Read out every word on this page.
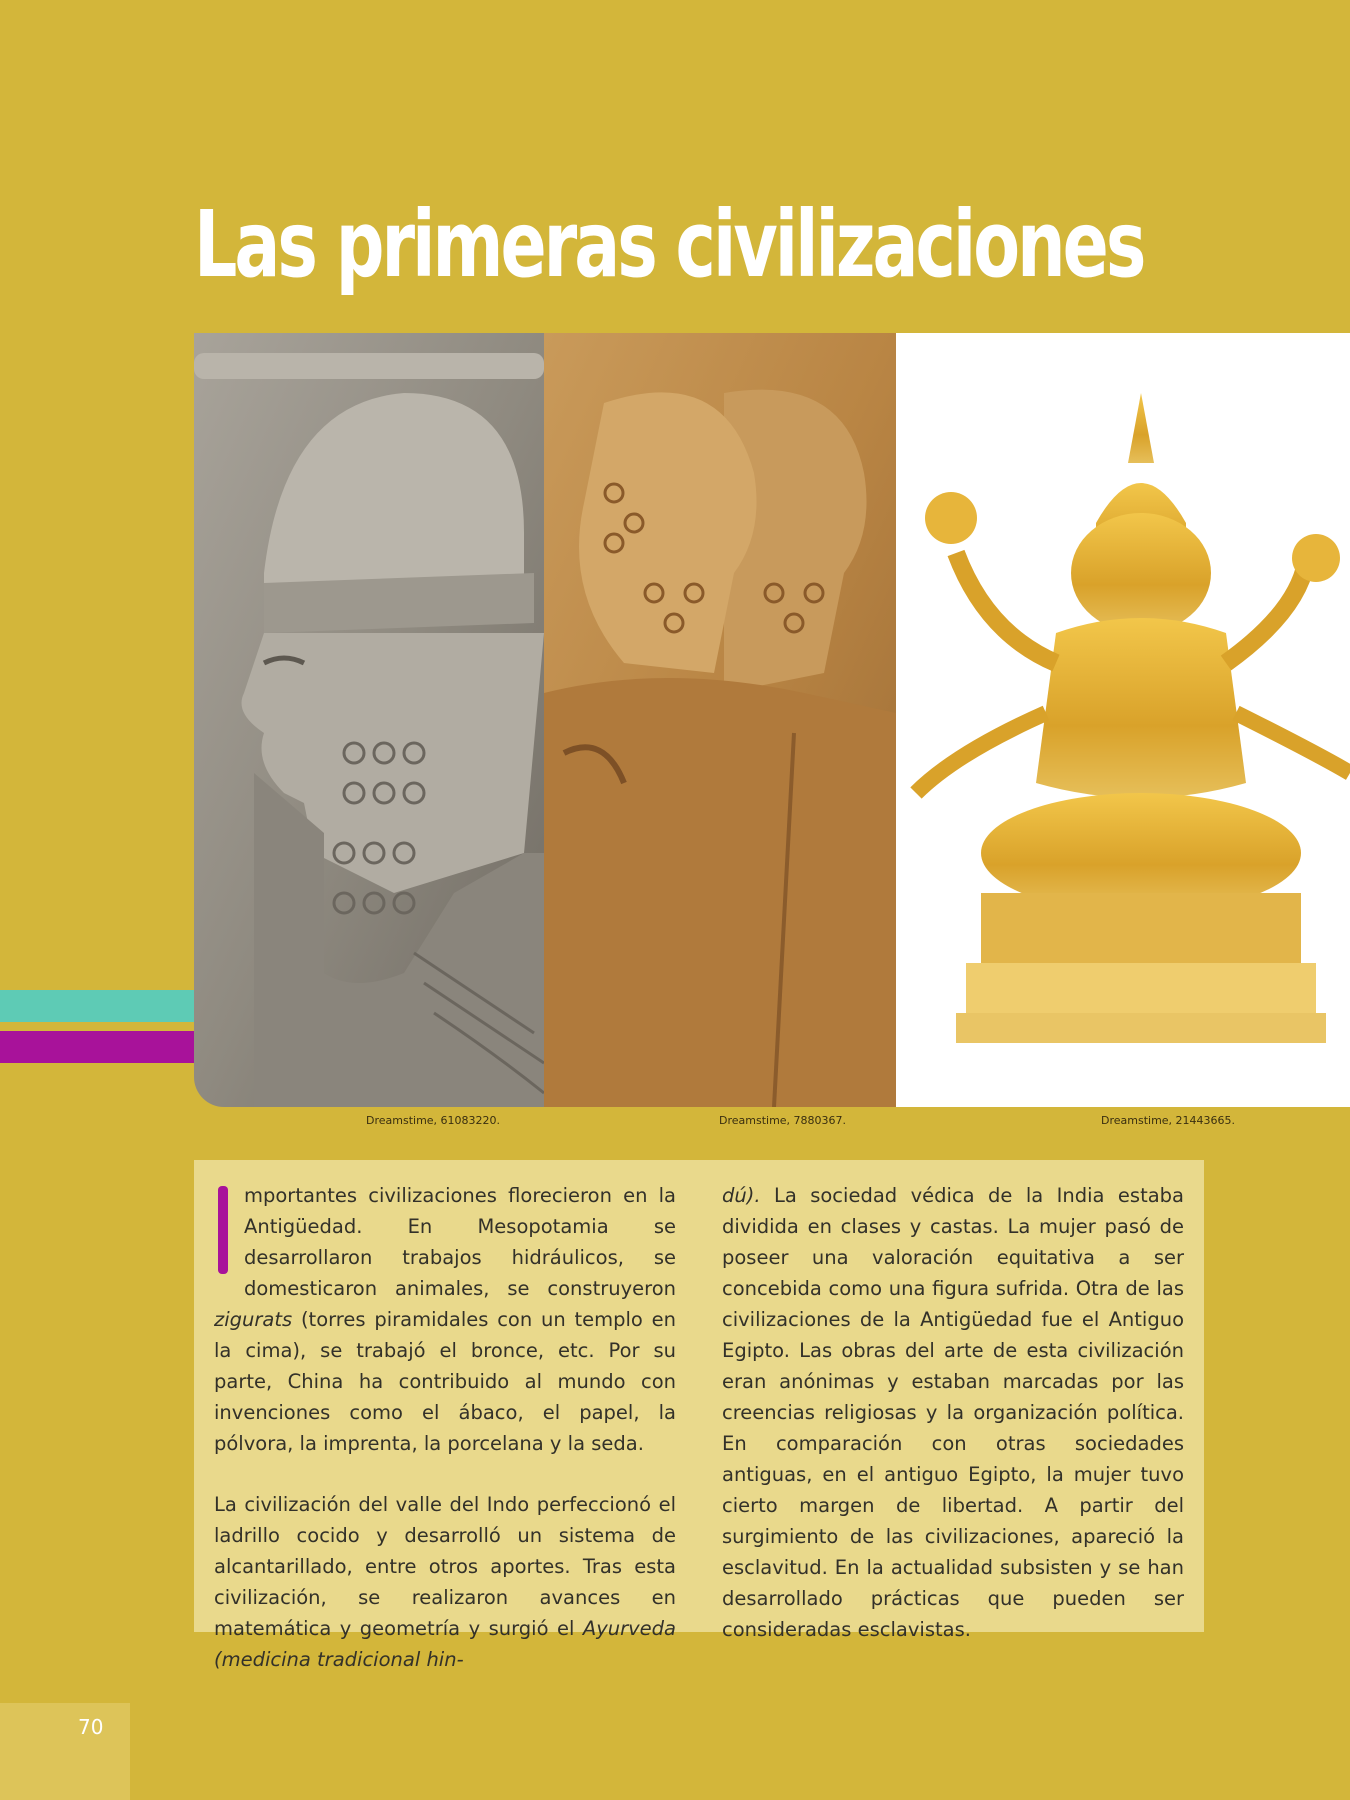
Las primeras civilizaciones
Dreamstime, 61083220.	Dreamstime, 7880367.	Dreamstime, 21443665.

mportantes civilizaciones florecieron en la Antigüedad. En Mesopotamia se desarrollaron trabajos hidráulicos, se domesticaron animales, se construyeron zigurats (torres piramidales con un templo en la cima), se trabajó el bronce, etc. Por su parte, China ha contribuido al mundo con invenciones como el ábaco, el papel, la pólvora, la imprenta, la porcelana y la seda.

La civilización del valle del Indo perfeccionó el ladrillo cocido y desarrolló un sistema de alcantarillado, entre otros aportes. Tras esta civilización, se realizaron avances en matemática y geometría y surgió el Ayurveda (medicina tradicional hin-

dú). La sociedad védica de la India estaba dividida en clases y castas. La mujer pasó de poseer una valoración equitativa a ser concebida como una figura sufrida. Otra de las civilizaciones de la Antigüedad fue el Antiguo Egipto. Las obras del arte de esta civilización eran anónimas y estaban marcadas por las creencias religiosas y la organización política. En comparación con otras sociedades antiguas, en el antiguo Egipto, la mujer tuvo cierto margen de libertad. A partir del surgimiento de las civilizaciones, apareció la esclavitud. En la actualidad subsisten y se han desarrollado prácticas que pueden ser consideradas esclavistas.

70
